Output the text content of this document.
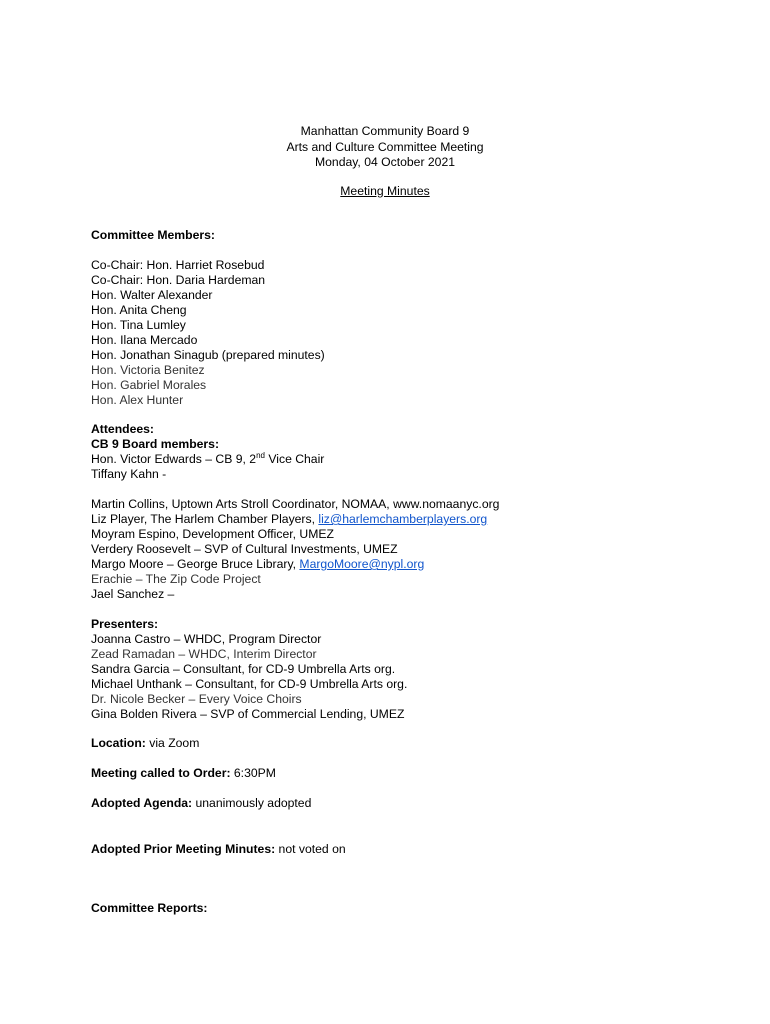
Manhattan Community Board 9
Arts and Culture Committee Meeting
Monday, 04 October 2021
Meeting Minutes
Committee Members:
Co-Chair: Hon. Harriet Rosebud
Co-Chair: Hon. Daria Hardeman
Hon. Walter Alexander
Hon. Anita Cheng
Hon. Tina Lumley
Hon. Ilana Mercado
Hon. Jonathan Sinagub (prepared minutes)
Hon. Victoria Benitez
Hon. Gabriel Morales
Hon. Alex Hunter
Attendees:
CB 9 Board members:
Hon. Victor Edwards – CB 9, 2nd Vice Chair
Tiffany Kahn -
Martin Collins, Uptown Arts Stroll Coordinator, NOMAA, www.nomaanyc.org
Liz Player, The Harlem Chamber Players, liz@harlemchamberplayers.org
Moyram Espino, Development Officer, UMEZ
Verdery Roosevelt – SVP of Cultural Investments, UMEZ
Margo Moore – George Bruce Library, MargoMoore@nypl.org
Erachie – The Zip Code Project
Jael Sanchez –
Presenters:
Joanna Castro – WHDC, Program Director
Zead Ramadan – WHDC, Interim Director
Sandra Garcia – Consultant, for CD-9 Umbrella Arts org.
Michael Unthank – Consultant, for CD-9 Umbrella Arts org.
Dr. Nicole Becker – Every Voice Choirs
Gina Bolden Rivera – SVP of Commercial Lending, UMEZ
Location: via Zoom
Meeting called to Order: 6:30PM
Adopted Agenda: unanimously adopted
Adopted Prior Meeting Minutes: not voted on
Committee Reports:
